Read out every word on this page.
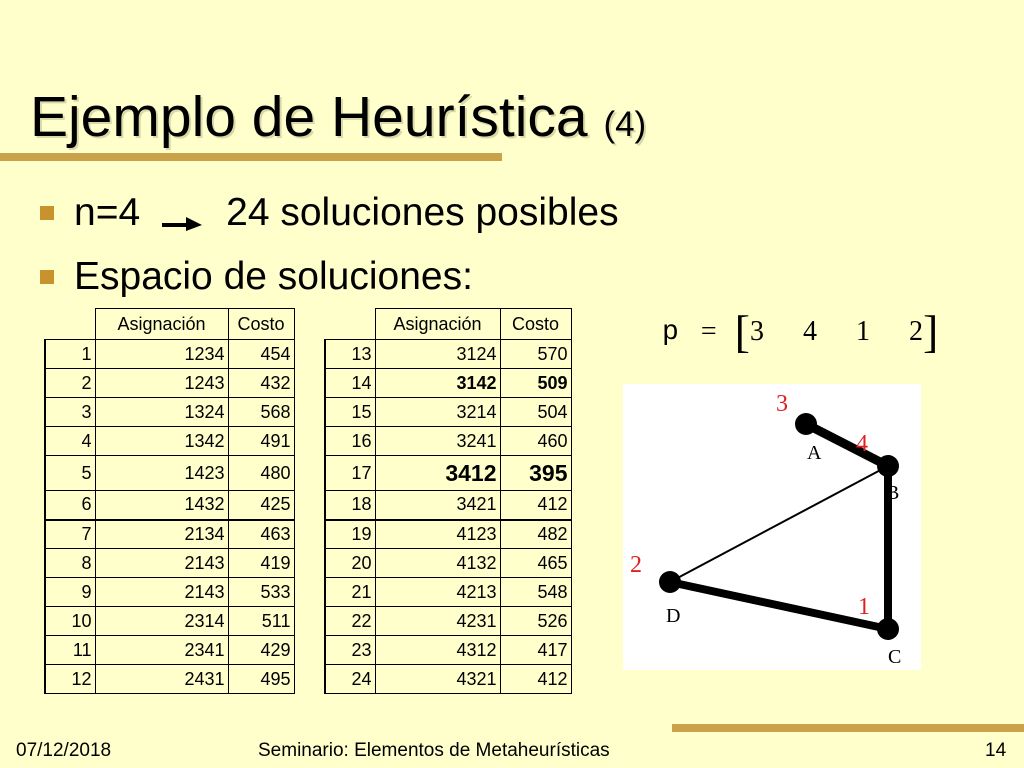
Ejemplo de Heurística (4)
n=4 24 soluciones posibles
Espacio de soluciones:
	Asignación	Costo
1	1234	454
2	1243	432
3	1324	568
4	1342	491
5	1423	480
6	1432	425
7	2134	463
8	2143	419
9	2143	533
10	2314	511
11	2341	429
12	2431	495
	Asignación	Costo
13	3124	570
14	3142	509
15	3214	504
16	3241	460
17	3412	395
18	3421	412
19	4123	482
20	4132	465
21	4213	548
22	4231	526
23	4312	417
24	4321	412
p = [ 3 4 1 2 ]
A
B
C
D
3
4
1
2
07/12/2018	Seminario: Elementos de Metaheurísticas	14
